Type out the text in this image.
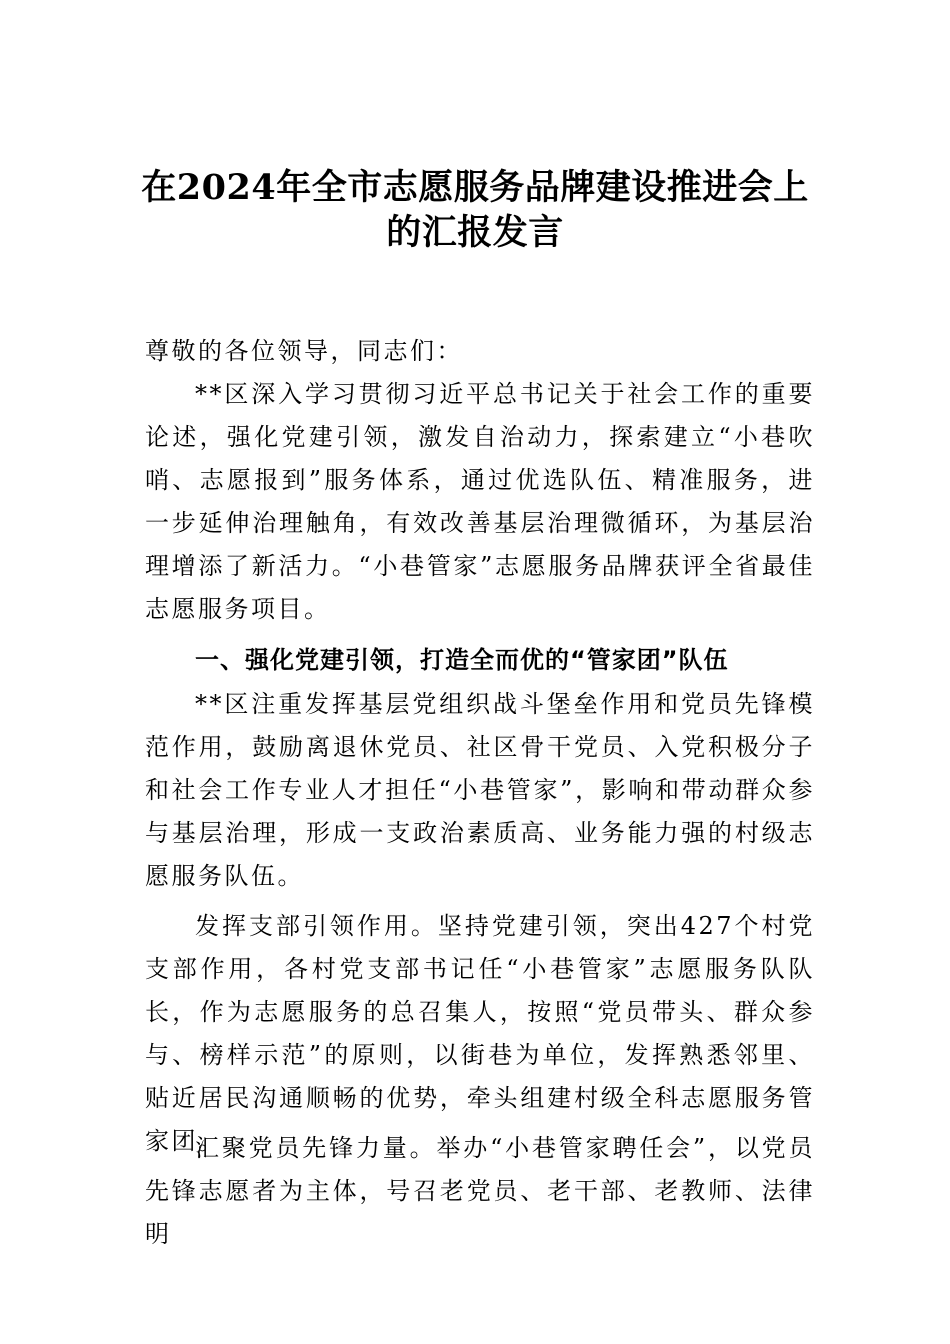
在2024年全市志愿服务品牌建设推进会上
的汇报发言
尊敬的各位领导，同志们：
**区深入学习贯彻习近平总书记关于社会工作的重要论述，强化党建引领，激发自治动力，探索建立“小巷吹哨、志愿报到”服务体系，通过优选队伍、精准服务，进一步延伸治理触角，有效改善基层治理微循环，为基层治理增添了新活力。“小巷管家”志愿服务品牌获评全省最佳志愿服务项目。
一、强化党建引领，打造全而优的“管家团”队伍
**区注重发挥基层党组织战斗堡垒作用和党员先锋模范作用，鼓励离退休党员、社区骨干党员、入党积极分子和社会工作专业人才担任“小巷管家”，影响和带动群众参与基层治理，形成一支政治素质高、业务能力强的村级志愿服务队伍。
发挥支部引领作用。坚持党建引领，突出427个村党支部作用，各村党支部书记任“小巷管家”志愿服务队队长，作为志愿服务的总召集人，按照“党员带头、群众参与、榜样示范”的原则，以街巷为单位，发挥熟悉邻里、贴近居民沟通顺畅的优势，牵头组建村级全科志愿服务管家团。
汇聚党员先锋力量。举办“小巷管家聘任会”，以党员先锋志愿者为主体，号召老党员、老干部、老教师、法律明
